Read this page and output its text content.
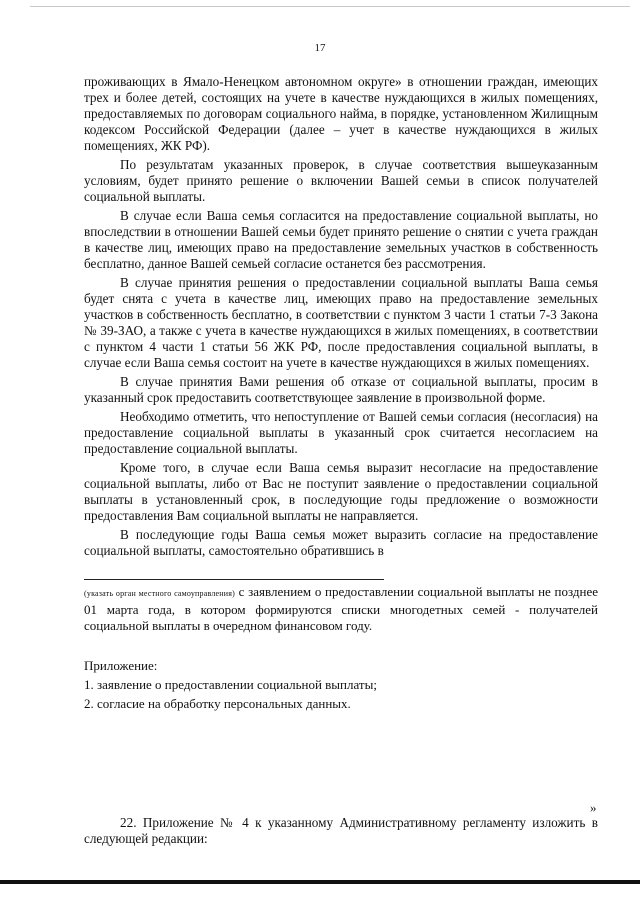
17

проживающих в Ямало-Ненецком автономном округе» в отношении граждан, имеющих трех и более детей, состоящих на учете в качестве нуждающихся в жилых помещениях, предоставляемых по договорам социального найма, в порядке, установленном Жилищным кодексом Российской Федерации (далее – учет в качестве нуждающихся в жилых помещениях, ЖК РФ).

По результатам указанных проверок, в случае соответствия вышеуказанным условиям, будет принято решение о включении Вашей семьи в список получателей социальной выплаты.

В случае если Ваша семья согласится на предоставление социальной выплаты, но впоследствии в отношении Вашей семьи будет принято решение о снятии с учета граждан в качестве лиц, имеющих право на предоставление земельных участков в собственность бесплатно, данное Вашей семьей согласие останется без рассмотрения.

В случае принятия решения о предоставлении социальной выплаты Ваша семья будет снята с учета в качестве лиц, имеющих право на предоставление земельных участков в собственность бесплатно, в соответствии с пунктом 3 части 1 статьи 7-3 Закона № 39-ЗАО, а также с учета в качестве нуждающихся в жилых помещениях, в соответствии с пунктом 4 части 1 статьи 56 ЖК РФ, после предоставления социальной выплаты, в случае если Ваша семья состоит на учете в качестве нуждающихся в жилых помещениях.

В случае принятия Вами решения об отказе от социальной выплаты, просим в указанный срок предоставить соответствующее заявление в произвольной форме.

Необходимо отметить, что непоступление от Вашей семьи согласия (несогласия) на предоставление социальной выплаты в указанный срок считается несогласием на предоставление социальной выплаты.

Кроме того, в случае если Ваша семья выразит несогласие на предоставление социальной выплаты, либо от Вас не поступит заявление о предоставлении социальной выплаты в установленный срок, в последующие годы предложение о возможности предоставления Вам социальной выплаты не направляется.

В последующие годы Ваша семья может выразить согласие на предоставление социальной выплаты, самостоятельно обратившись в

(указать орган местного самоуправления) с заявлением о предоставлении социальной выплаты не позднее 01 марта года, в котором формируются списки многодетных семей - получателей социальной выплаты в очередном финансовом году.
Приложение:
1. заявление о предоставлении социальной выплаты;
2. согласие на обработку персональных данных.
»
22. Приложение № 4 к указанному Административному регламенту изложить в следующей редакции:
